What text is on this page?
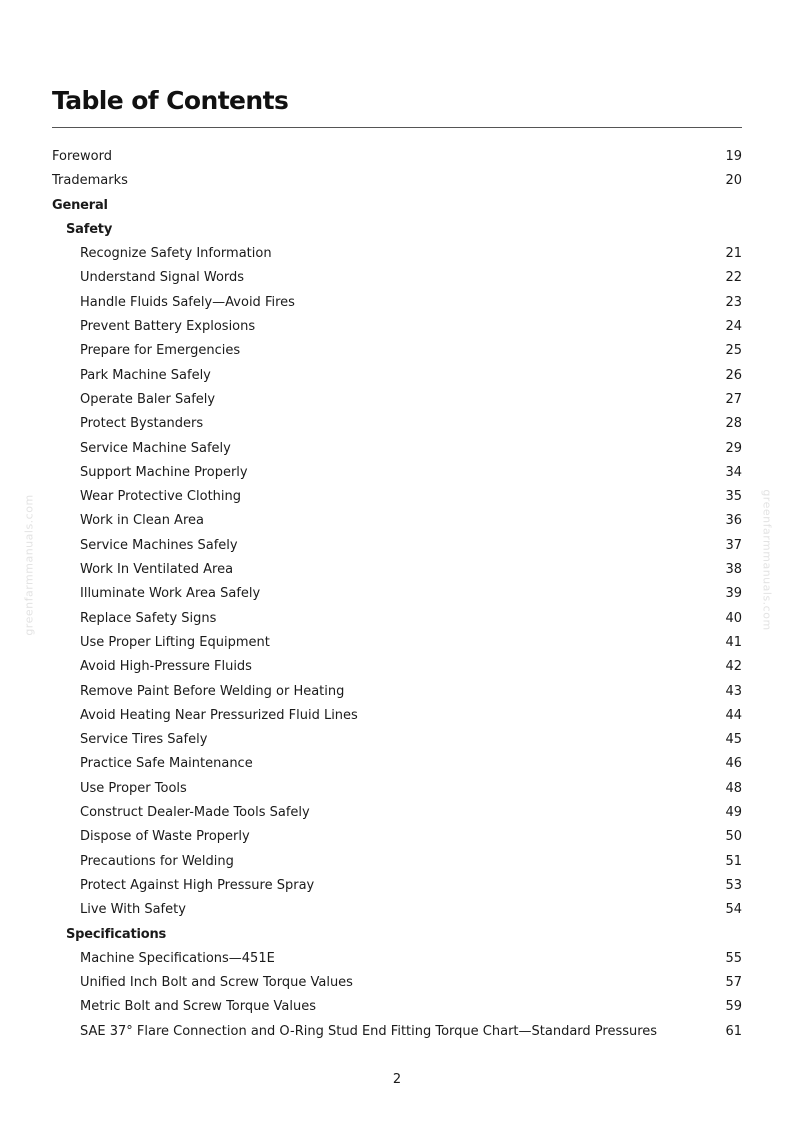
Table of Contents
Foreword	19
Trademarks	20
General
Safety
Recognize Safety Information	21
Understand Signal Words	22
Handle Fluids Safely—Avoid Fires	23
Prevent Battery Explosions	24
Prepare for Emergencies	25
Park Machine Safely	26
Operate Baler Safely	27
Protect Bystanders	28
Service Machine Safely	29
Support Machine Properly	34
Wear Protective Clothing	35
Work in Clean Area	36
Service Machines Safely	37
Work In Ventilated Area	38
Illuminate Work Area Safely	39
Replace Safety Signs	40
Use Proper Lifting Equipment	41
Avoid High-Pressure Fluids	42
Remove Paint Before Welding or Heating	43
Avoid Heating Near Pressurized Fluid Lines	44
Service Tires Safely	45
Practice Safe Maintenance	46
Use Proper Tools	48
Construct Dealer-Made Tools Safely	49
Dispose of Waste Properly	50
Precautions for Welding	51
Protect Against High Pressure Spray	53
Live With Safety	54
Specifications
Machine Specifications—451E	55
Unified Inch Bolt and Screw Torque Values	57
Metric Bolt and Screw Torque Values	59
SAE 37° Flare Connection and O-Ring Stud End Fitting Torque Chart—Standard Pressures	61
2
greenfarmmanuals.com	greenfarmmanuals.com
